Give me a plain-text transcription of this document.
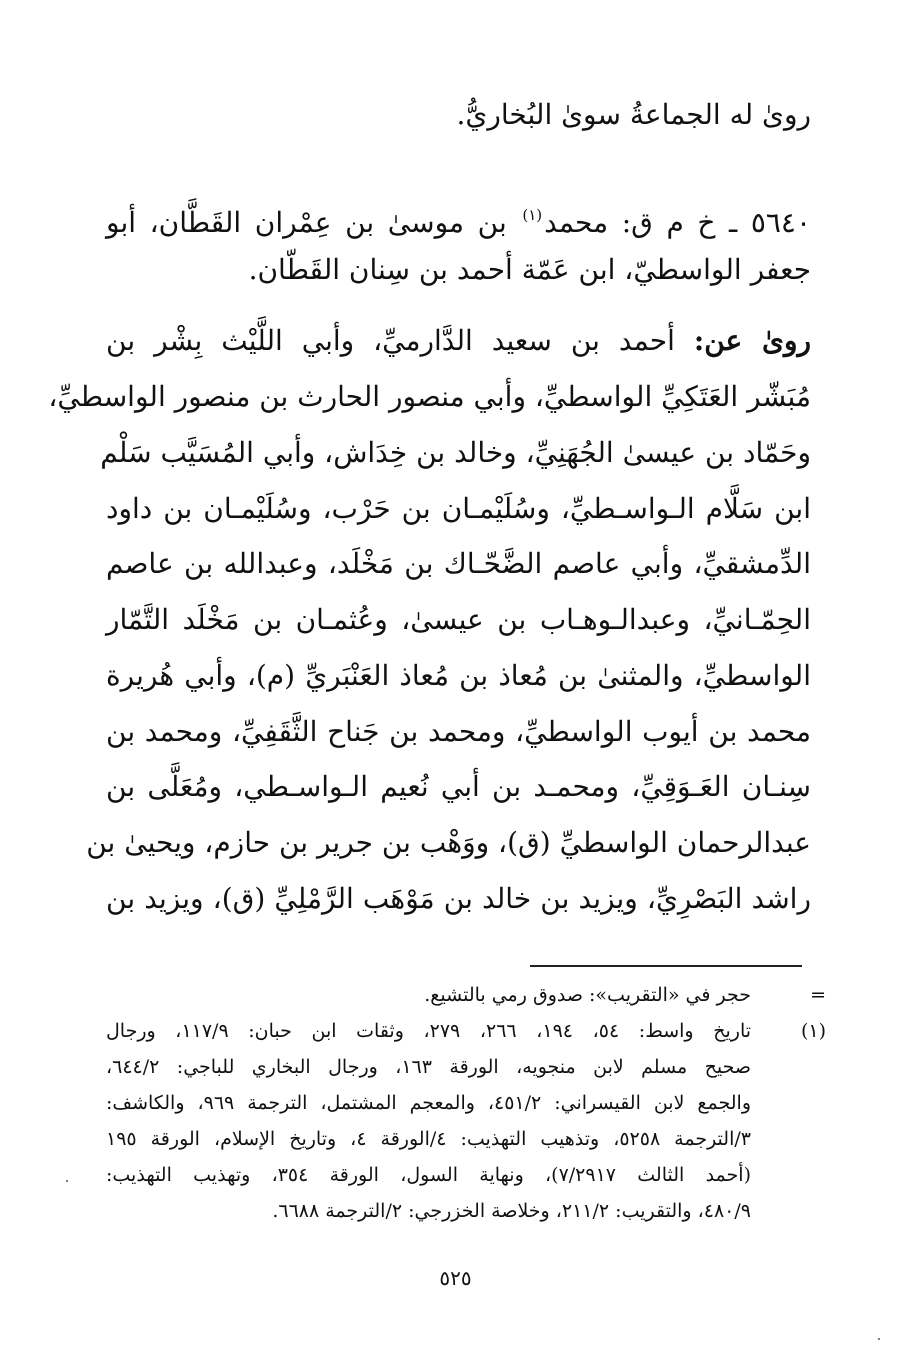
روىٰ له الجماعةُ سوىٰ البُخاريُّ.
٥٦٤٠ ـ خ م ق: محمد$^{(١)}$ بن موسىٰ بن عِمْران القَطَّان، أبو
جعفر الواسطيّ، ابن عَمّة أحمد بن سِنان القَطّان.
روىٰ عن: أحمد بن سعيد الدَّارميِّ، وأبي اللَّيْث بِشْر بن
مُبَشّر العَتَكِيِّ الواسطيِّ، وأبي منصور الحارث بن منصور الواسطيِّ،
وحَمّاد بن عيسىٰ الجُهَنِيِّ، وخالد بن خِدَاش، وأبي المُسَيَّب سَلْم
ابن سَلَّام الـواسـطيِّ، وسُلَيْمـان بن حَرْب، وسُلَيْمـان بن داود
الدِّمشقيِّ، وأبي عاصم الضَّحّـاك بن مَخْلَد، وعبدالله بن عاصم
الحِمّـانيِّ، وعبدالـوهـاب بن عيسىٰ، وعُثمـان بن مَخْلَد التَّمّار
الواسطيِّ، والمثنىٰ بن مُعاذ بن مُعاذ العَنْبَريِّ (م)، وأبي هُريرة
محمد بن أيوب الواسطيِّ، ومحمد بن جَناح الثَّقَفِيِّ، ومحمد بن
سِنـان العَـوَقِيِّ، ومحمـد بن أبي نُعيم الـواسـطي، ومُعَلَّى بن
عبدالرحمان الواسطيِّ (ق)، ووَهْب بن جرير بن حازم، ويحيىٰ بن
راشد البَصْرِيِّ، ويزيد بن خالد بن مَوْهَب الرَّمْلِيِّ (ق)، ويزيد بن
=
حجر في «التقريب»: صدوق رمي بالتشيع.
(١)
تاريخ واسط: ٥٤، ١٩٤، ٢٦٦، ٢٧٩، وثقات ابن حبان: ١١٧/٩، ورجال
صحيح مسلم لابن منجويه، الورقة ١٦٣، ورجال البخاري للباجي: ٦٤٤/٢،
والجمع لابن القيسراني: ٤٥١/٢، والمعجم المشتمل، الترجمة ٩٦٩، والكاشف:
٣/الترجمة ٥٢٥٨، وتذهيب التهذيب: ٤/الورقة ٤، وتاريخ الإسلام، الورقة ١٩٥
(أحمد الثالث ٧/٢٩١٧)، ونهاية السول، الورقة ٣٥٤، وتهذيب التهذيب:
٤٨٠/٩، والتقريب: ٢١١/٢، وخلاصة الخزرجي: ٢/الترجمة ٦٦٨٨.
٥٢٥
